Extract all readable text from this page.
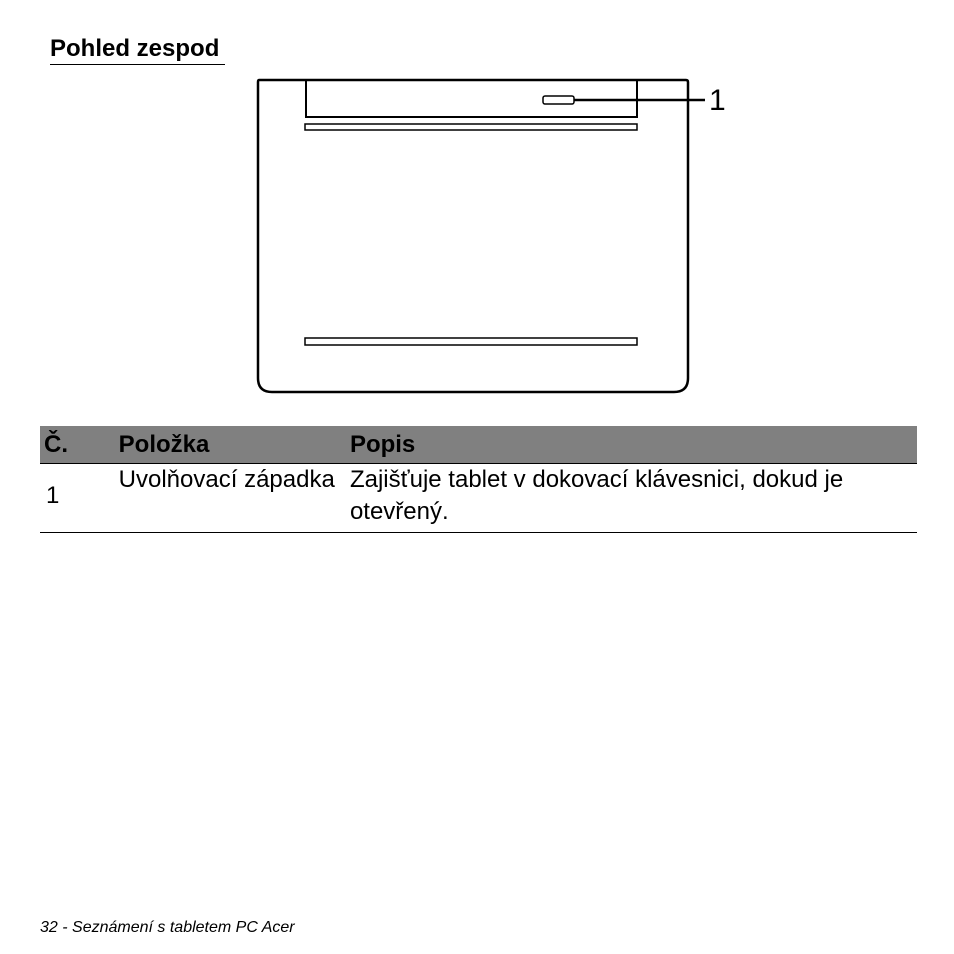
Pohled zespod
1
Č.	Položka	Popis
1	Uvolňovací západka	Zajišťuje tablet v dokovací klávesnici, dokud je otevřený.
32 - Seznámení s tabletem PC Acer
